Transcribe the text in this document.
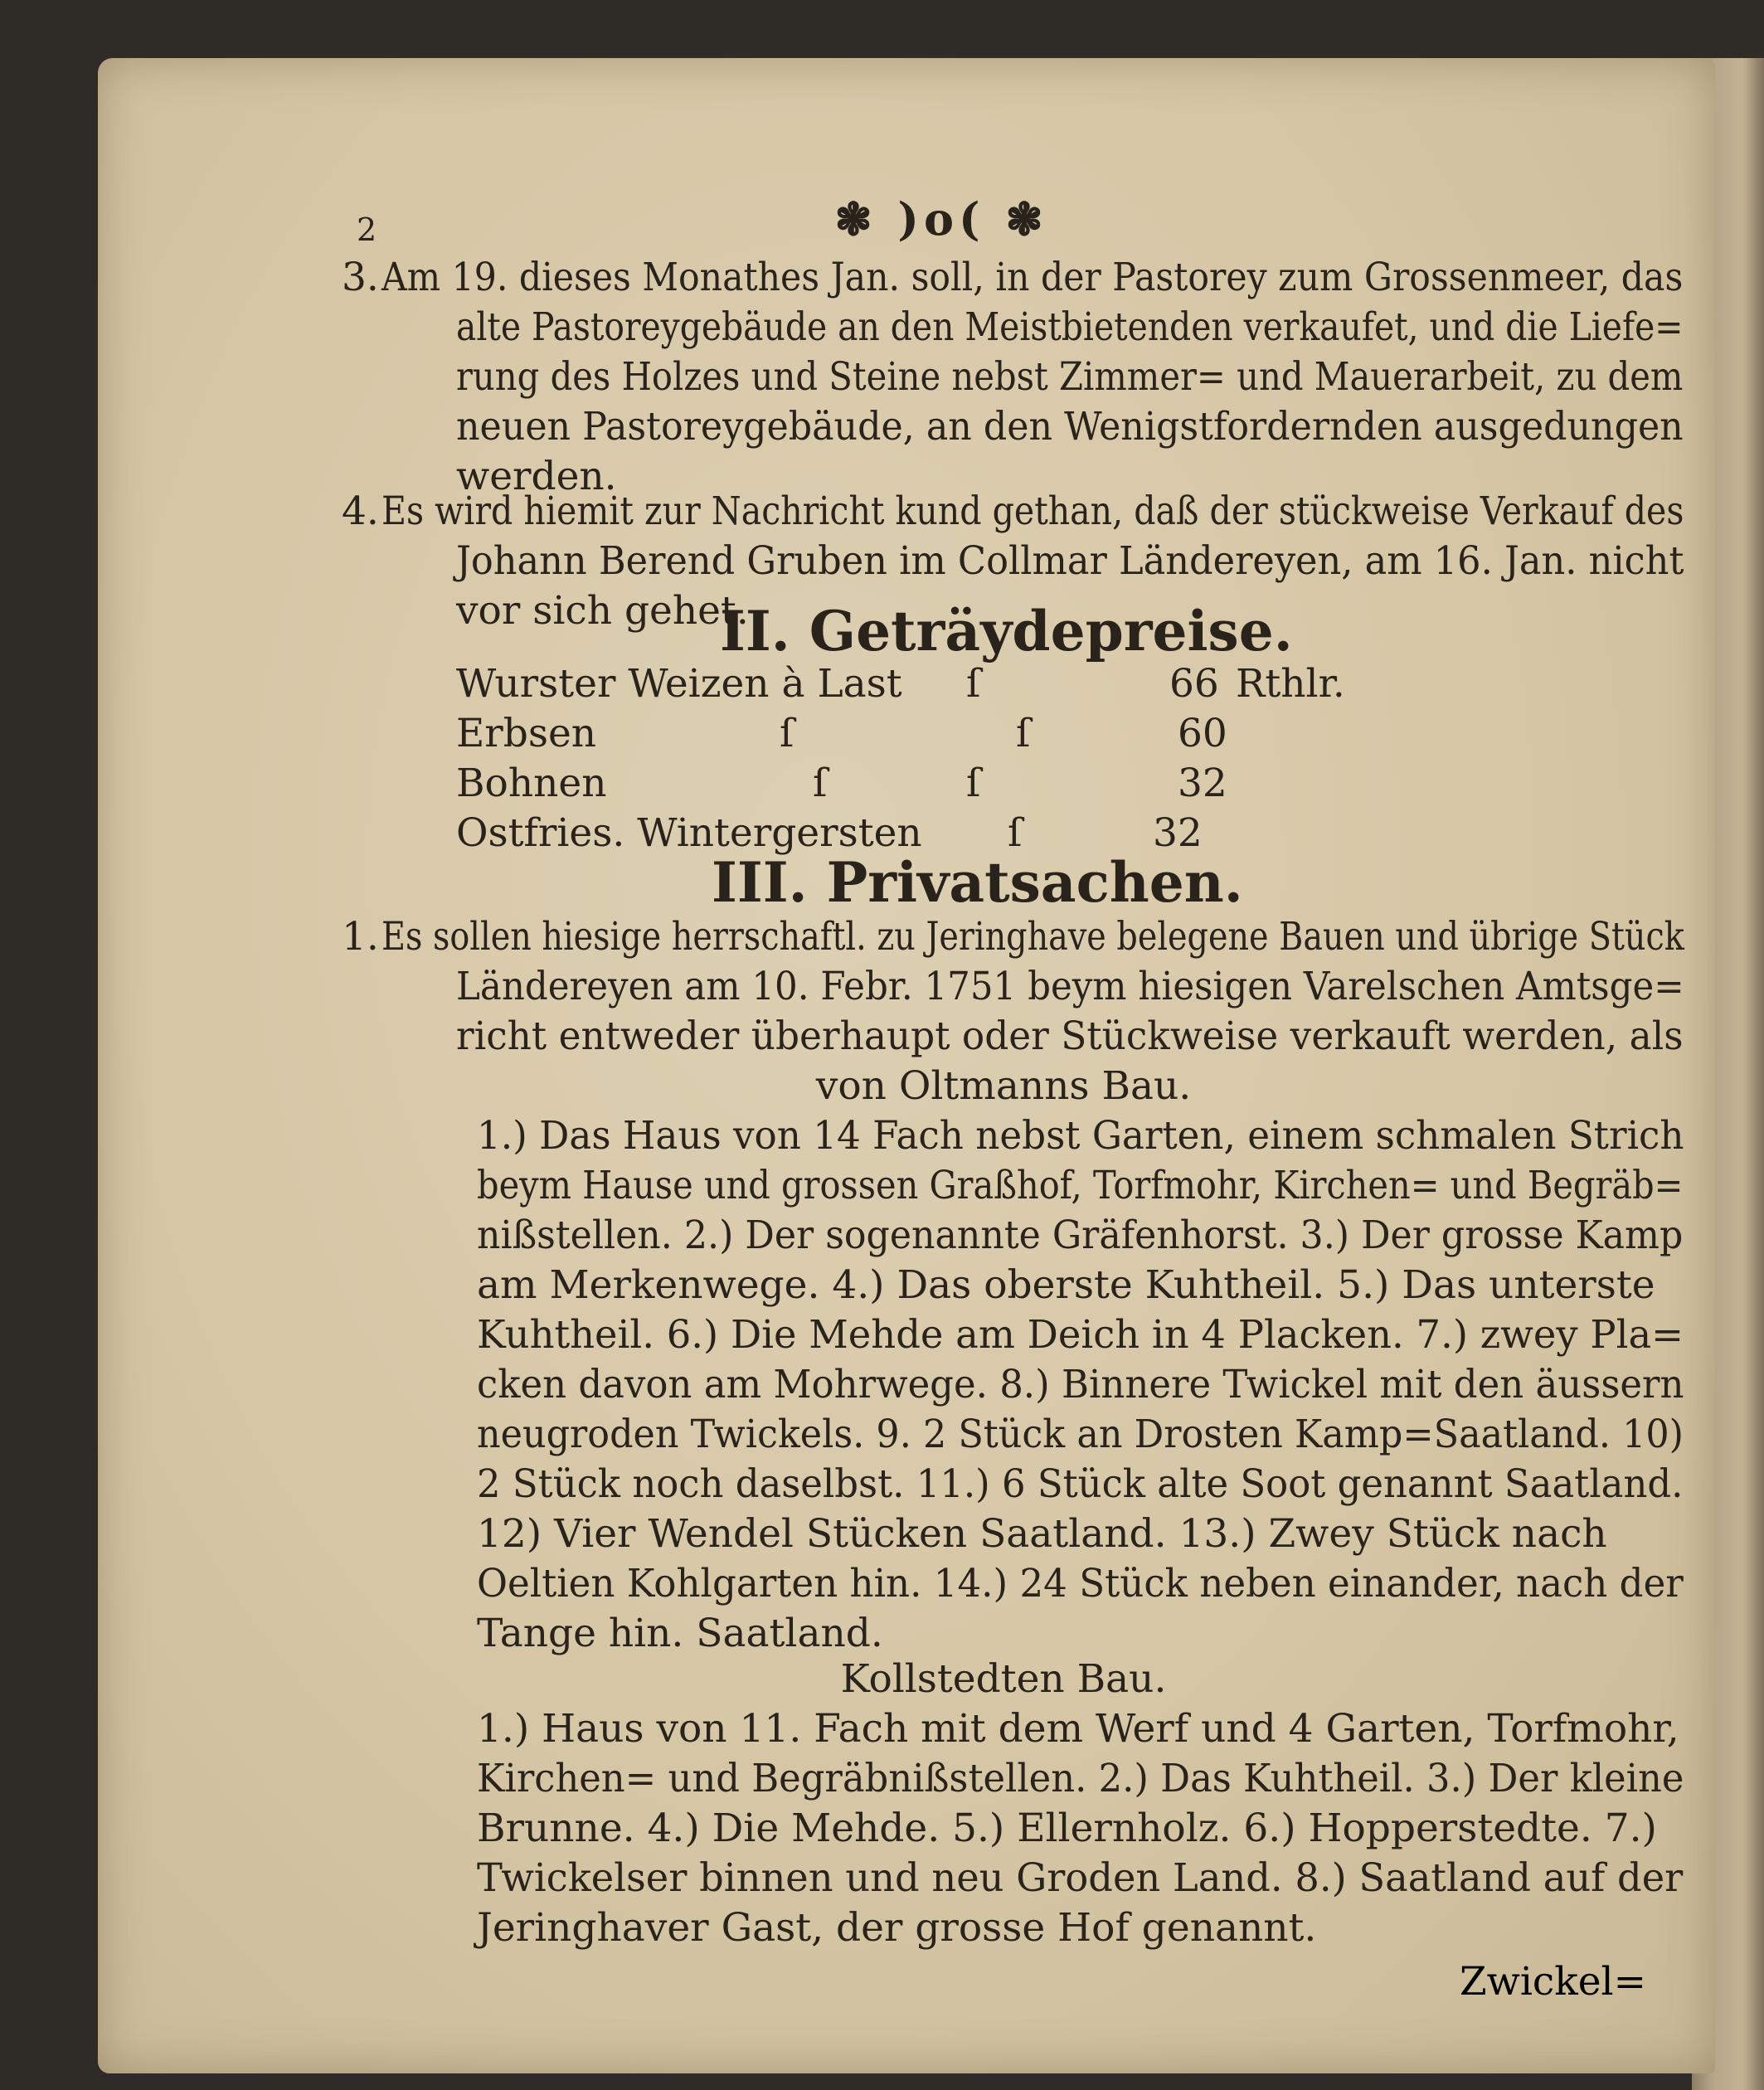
2	❃ )o( ❃
3. Am 19. dieses Monathes Jan. soll, in der Pastorey zum Grossenmeer, das
alte Pastoreygebäude an den Meistbietenden verkaufet, und die Liefe=
rung des Holzes und Steine nebst Zimmer= und Mauerarbeit, zu dem
neuen Pastoreygebäude, an den Wenigstfordernden ausgedungen
werden.
4. Es wird hiemit zur Nachricht kund gethan, daß der stückweise Verkauf des
Johann Berend Gruben im Collmar Ländereyen, am 16. Jan. nicht
vor sich gehet.
II. Geträydepreise.
Wurster Weizen à Last ſ	66 Rthlr.
Erbsen	ſ	ſ	60
Bohnen	ſ	ſ	32
Ostfries. Wintergersten ſ	32
III. Privatsachen.
1. Es sollen hiesige herrschaftl. zu Jeringhave belegene Bauen und übrige Stück
Ländereyen am 10. Febr. 1751 beym hiesigen Varelschen Amtsge=
richt entweder überhaupt oder Stückweise verkauft werden, als
von Oltmanns Bau.
1.) Das Haus von 14 Fach nebst Garten, einem schmalen Strich
beym Hause und grossen Graßhof, Torfmohr, Kirchen= und Begräb=
nißstellen. 2.) Der sogenannte Gräfenhorst. 3.) Der grosse Kamp
am Merkenwege. 4.) Das oberste Kuhtheil. 5.) Das unterste
Kuhtheil. 6.) Die Mehde am Deich in 4 Placken. 7.) zwey Pla=
cken davon am Mohrwege. 8.) Binnere Twickel mit den äussern
neugroden Twickels. 9. 2 Stück an Drosten Kamp=Saatland. 10)
2 Stück noch daselbst. 11.) 6 Stück alte Soot genannt Saatland.
12) Vier Wendel Stücken Saatland. 13.) Zwey Stück nach
Oeltien Kohlgarten hin. 14.) 24 Stück neben einander, nach der
Tange hin. Saatland.
Kollstedten Bau.
1.) Haus von 11. Fach mit dem Werf und 4 Garten, Torfmohr,
Kirchen= und Begräbnißstellen. 2.) Das Kuhtheil. 3.) Der kleine
Brunne. 4.) Die Mehde. 5.) Ellernholz. 6.) Hopperstedte. 7.)
Twickelser binnen und neu Groden Land. 8.) Saatland auf der
Jeringhaver Gast, der grosse Hof genannt.
Zwickel=
